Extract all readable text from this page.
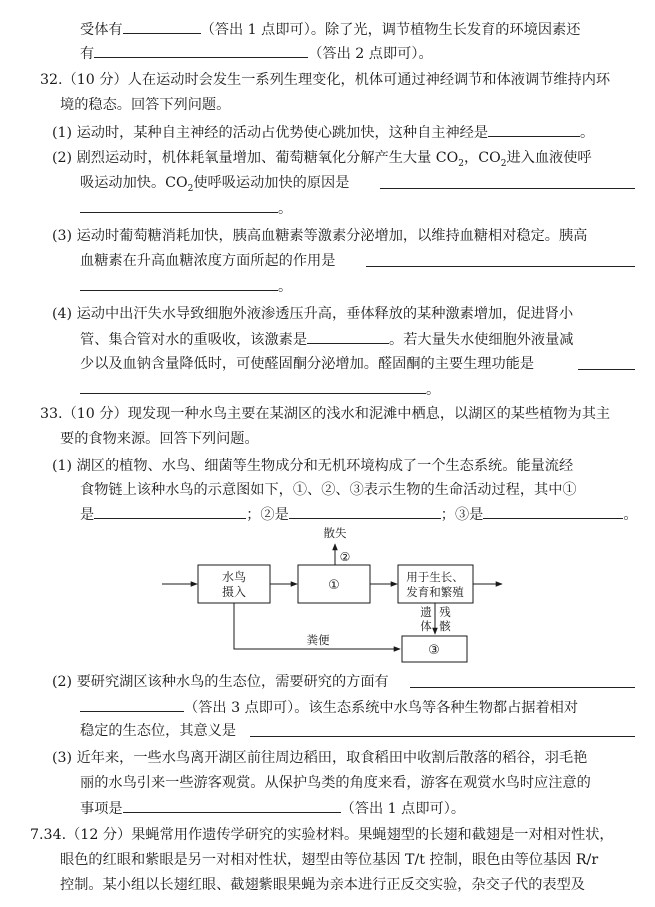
受体有	（答出 1 点即可）。除了光，调节植物生长发育的环境因素还
有	（答出 2 点即可）。
32.（10 分）人在运动时会发生一系列生理变化，机体可通过神经调节和体液调节维持内环
境的稳态。回答下列问题。
(1) 运动时，某种自主神经的活动占优势使心跳加快，这种自主神经是	。
(2) 剧烈运动时，机体耗氧量增加、葡萄糖氧化分解产生大量 $CO_2$，$CO_2$进入血液使呼
吸运动加快。$CO_2$使呼吸运动加快的原因是
。
(3) 运动时葡萄糖消耗加快，胰高血糖素等激素分泌增加，以维持血糖相对稳定。胰高
血糖素在升高血糖浓度方面所起的作用是
。
(4) 运动中出汗失水导致细胞外液渗透压升高，垂体释放的某种激素增加，促进肾小
管、集合管对水的重吸收，该激素是	。若大量失水使细胞外液量减
少以及血钠含量降低时，可使醛固酮分泌增加。醛固酮的主要生理功能是
。
33.（10 分）现发现一种水鸟主要在某湖区的浅水和泥滩中栖息，以湖区的某些植物为其主
要的食物来源。回答下列问题。
(1) 湖区的植物、水鸟、细菌等生物成分和无机环境构成了一个生态系统。能量流经
食物链上该种水鸟的示意图如下，①、②、③表示生物的生命活动过程，其中①
是	；②是	；③是	。
水鸟
摄入	①
用于生长、
发育和繁殖
③
散失
②
粪便
遗
体
残
骸
(2) 要研究湖区该种水鸟的生态位，需要研究的方面有
（答出 3 点即可）。该生态系统中水鸟等各种生物都占据着相对
稳定的生态位，其意义是
(3) 近年来，一些水鸟离开湖区前往周边稻田，取食稻田中收割后散落的稻谷，羽毛艳
丽的水鸟引来一些游客观赏。从保护鸟类的角度来看，游客在观赏水鸟时应注意的
事项是	（答出 1 点即可）。
7.34.（12 分）果蝇常用作遗传学研究的实验材料。果蝇翅型的长翅和截翅是一对相对性状，
眼色的红眼和紫眼是另一对相对性状，翅型由等位基因 T/t 控制，眼色由等位基因 R/r
控制。某小组以长翅红眼、截翅紫眼果蝇为亲本进行正反交实验，杂交子代的表型及
